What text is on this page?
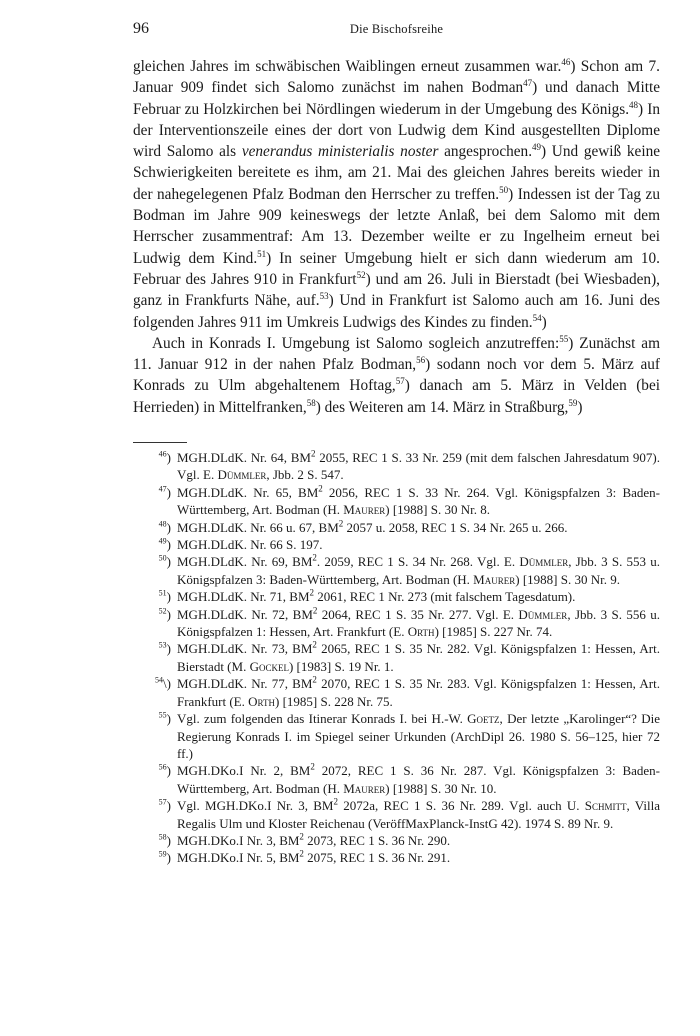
96	Die Bischofsreihe

gleichen Jahres im schwäbischen Waiblingen erneut zusammen war.$^{46}$) Schon am 7. Januar 909 findet sich Salomo zunächst im nahen Bodman$^{47}$) und danach Mitte Februar zu Holzkirchen bei Nördlingen wiederum in der Umgebung des Königs.$^{48}$) In der Interventionszeile eines der dort von Ludwig dem Kind ausgestellten Diplome wird Salomo als venerandus ministerialis noster angesprochen.$^{49}$) Und gewiß keine Schwierigkeiten bereitete es ihm, am 21. Mai des gleichen Jahres bereits wieder in der nahegelegenen Pfalz Bodman den Herrscher zu treffen.$^{50}$) Indessen ist der Tag zu Bodman im Jahre 909 keineswegs der letzte Anlaß, bei dem Salomo mit dem Herrscher zusammentraf: Am 13. Dezember weilte er zu Ingelheim erneut bei Ludwig dem Kind.$^{51}$) In seiner Umgebung hielt er sich dann wiederum am 10. Februar des Jahres 910 in Frankfurt$^{52}$) und am 26. Juli in Bierstadt (bei Wiesbaden), ganz in Frankfurts Nähe, auf.$^{53}$) Und in Frankfurt ist Salomo auch am 16. Juni des folgenden Jahres 911 im Umkreis Ludwigs des Kindes zu finden.$^{54}$)

Auch in Konrads I. Umgebung ist Salomo sogleich anzutreffen:$^{55}$) Zunächst am 11. Januar 912 in der nahen Pfalz Bodman,$^{56}$) sodann noch vor dem 5. März auf Konrads zu Ulm abgehaltenem Hoftag,$^{57}$) danach am 5. März in Velden (bei Herrieden) in Mittelfranken,$^{58}$) des Weiteren am 14. März in Straßburg,$^{59}$)

$^{46}$) MGH.DLdK. Nr. 64, $BM^2$ 2055, REC 1 S. 33 Nr. 259 (mit dem falschen Jahresdatum 907). Vgl. E. Dümmler, Jbb. 2 S. 547.
$^{47}$) MGH.DLdK. Nr. 65, $BM^2$ 2056, REC 1 S. 33 Nr. 264. Vgl. Königspfalzen 3: Baden-Württemberg, Art. Bodman (H. Maurer) [1988] S. 30 Nr. 8.
$^{48}$) MGH.DLdK. Nr. 66 u. 67, $BM^2$ 2057 u. 2058, REC 1 S. 34 Nr. 265 u. 266.
$^{49}$) MGH.DLdK. Nr. 66 S. 197.
$^{50}$) MGH.DLdK. Nr. 69, $BM^2$. 2059, REC 1 S. 34 Nr. 268. Vgl. E. Dümmler, Jbb. 3 S. 553 u. Königspfalzen 3: Baden-Württemberg, Art. Bodman (H. Maurer) [1988] S. 30 Nr. 9.
$^{51}$) MGH.DLdK. Nr. 71, $BM^2$ 2061, REC 1 Nr. 273 (mit falschem Tagesdatum).
$^{52}$) MGH.DLdK. Nr. 72, $BM^2$ 2064, REC 1 S. 35 Nr. 277. Vgl. E. Dümmler, Jbb. 3 S. 556 u. Königspfalzen 1: Hessen, Art. Frankfurt (E. Orth) [1985] S. 227 Nr. 74.
$^{53}$) MGH.DLdK. Nr. 73, $BM^2$ 2065, REC 1 S. 35 Nr. 282. Vgl. Königspfalzen 1: Hessen, Art. Bierstadt (M. Gockel) [1983] S. 19 Nr. 1.
$^{54}$\) MGH.DLdK. Nr. 77, $BM^2$ 2070, REC 1 S. 35 Nr. 283. Vgl. Königspfalzen 1: Hessen, Art. Frankfurt (E. Orth) [1985] S. 228 Nr. 75.
$^{55}$) Vgl. zum folgenden das Itinerar Konrads I. bei H.-W. Goetz, Der letzte „Karolinger“? Die Regierung Konrads I. im Spiegel seiner Urkunden (ArchDipl 26. 1980 S. 56–125, hier 72 ff.)
$^{56}$) MGH.DKo.I Nr. 2, $BM^2$ 2072, REC 1 S. 36 Nr. 287. Vgl. Königspfalzen 3: Baden-Württemberg, Art. Bodman (H. Maurer) [1988] S. 30 Nr. 10.
$^{57}$) Vgl. MGH.DKo.I Nr. 3, $BM^2$ 2072a, REC 1 S. 36 Nr. 289. Vgl. auch U. Schmitt, Villa Regalis Ulm und Kloster Reichenau (VeröffMaxPlanck-InstG 42). 1974 S. 89 Nr. 9.
$^{58}$) MGH.DKo.I Nr. 3, $BM^2$ 2073, REC 1 S. 36 Nr. 290.
$^{59}$) MGH.DKo.I Nr. 5, $BM^2$ 2075, REC 1 S. 36 Nr. 291.
